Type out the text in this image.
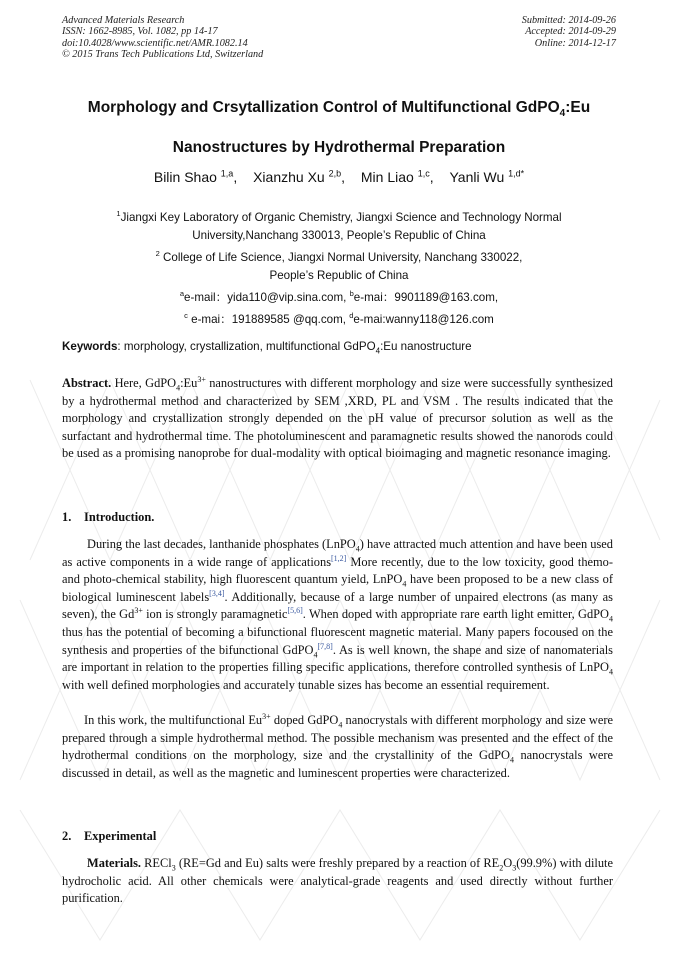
Advanced Materials Research
ISSN: 1662-8985, Vol. 1082, pp 14-17
doi:10.4028/www.scientific.net/AMR.1082.14
© 2015 Trans Tech Publications Ltd, Switzerland
Submitted: 2014-09-26
Accepted: 2014-09-29
Online: 2014-12-17
Morphology and Crsytallization Control of Multifunctional GdPO$_4$:Eu
Nanostructures by Hydrothermal Preparation
Bilin Shao $^{1,a}$, Xianzhu Xu $^{2,b}$, Min Liao $^{1,c}$, Yanli Wu $^{1,d*}$
$^1$Jiangxi Key Laboratory of Organic Chemistry, Jiangxi Science and Technology Normal
University,Nanchang 330013, People’s Republic of China
$^2$ College of Life Science, Jiangxi Normal University, Nanchang 330022,
People’s Republic of China
$^a$e-mail：yida110@vip.sina.com, $^b$e-mai：9901189@163.com,
$^c$ e-mai：191889585 @qq.com, $^d$e-mai:wanny118@126.com
Keywords: morphology, crystallization, multifunctional GdPO$_4$:Eu nanostructure
Abstract. Here, $GdPO_4:Eu^{3+}$ nanostructures with different morphology and size were successfully synthesized by a hydrothermal method and characterized by SEM ,XRD, PL and VSM . The results indicated that the morphology and crystallization strongly depended on the pH value of precursor solution as well as the surfactant and hydrothermal time. The photoluminescent and paramagnetic results showed the nanorods could be used as a promising nanoprobe for dual-modality with optical bioimaging and magnetic resonance imaging.
1. Introduction.
During the last decades, lanthanide phosphates (LnPO$_4$) have attracted much attention and have been used as active components in a wide range of applications[1,2] More recently, due to the low toxicity, good themo- and photo-chemical stability, high fluorescent quantum yield, LnPO$_4$ have been proposed to be a new class of biological luminescent labels[3,4]. Additionally, because of a large number of unpaired electrons (as many as seven), the $Gd^{3+}$ ion is strongly paramagnetic[5,6]. When doped with appropriate rare earth light emitter, GdPO$_4$ thus has the potential of becoming a bifunctional fluorescent magnetic material. Many papers focoused on the synthesis and properties of the bifunctional GdPO$_4$[7,8]. As is well known, the shape and size of nanomaterials are important in relation to the properties filling specific applications, therefore controlled synthesis of LnPO$_4$ with well defined morphologies and accurately tunable sizes has become an essential requirement.
In this work, the multifunctional $Eu^{3+}$ doped GdPO$_4$ nanocrystals with different morphology and size were prepared through a simple hydrothermal method. The possible mechanism was presented and the effect of the hydrothermal conditions on the morphology, size and the crystallinity of the GdPO$_4$ nanocrystals were discussed in detail, as well as the magnetic and luminescent properties were characterized.
2. Experimental
Materials. RECl$_3$ (RE=Gd and Eu) salts were freshly prepared by a reaction of $RE_2O_3(99.9\%)$ with dilute hydrocholic acid. All other chemicals were analytical-grade reagents and used directly without further purification.
